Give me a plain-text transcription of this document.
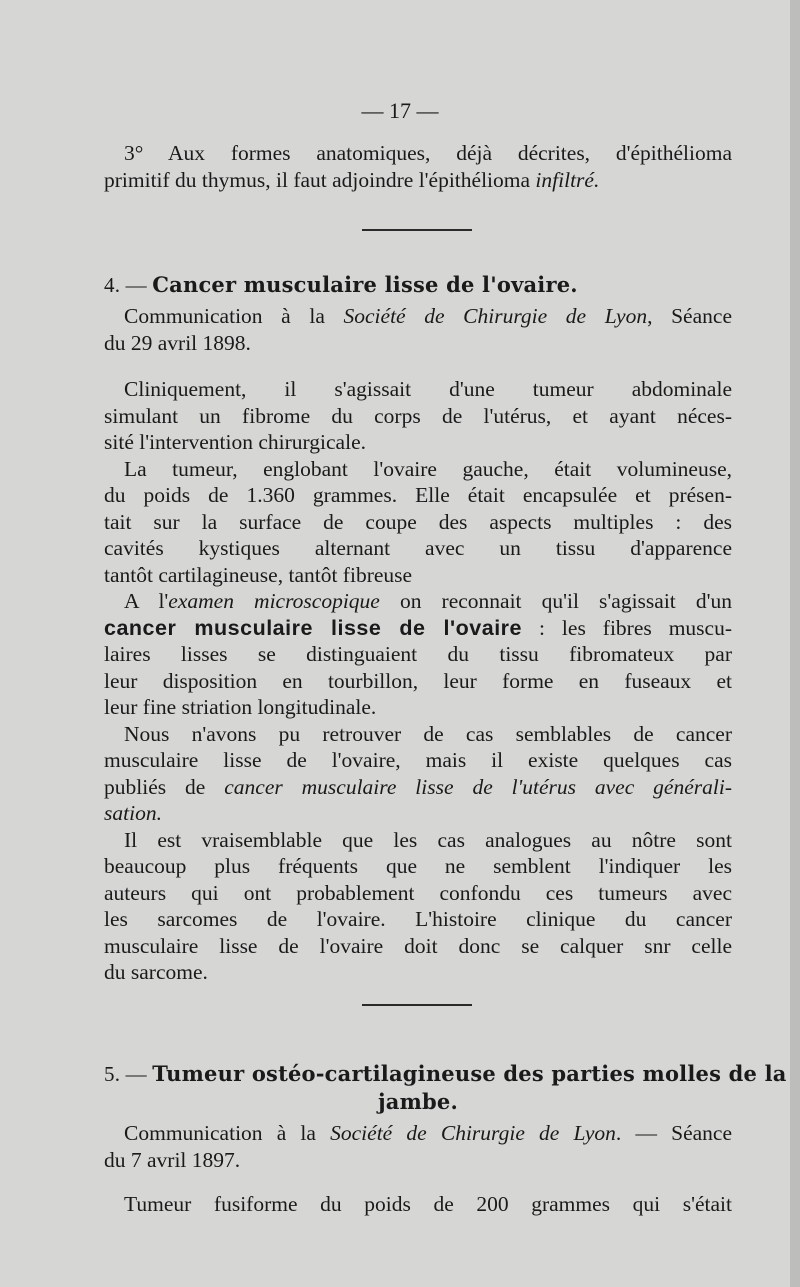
— 17 —
3° Aux formes anatomiques, déjà décrites, d'épithélioma
primitif du thymus, il faut adjoindre l'épithélioma infiltré.
4. — Cancer musculaire lisse de l'ovaire.
Communication à la Société de Chirurgie de Lyon, Séance
du 29 avril 1898.
Cliniquement, il s'agissait d'une tumeur abdominale
simulant un fibrome du corps de l'utérus, et ayant néces-
sité l'intervention chirurgicale.
La tumeur, englobant l'ovaire gauche, était volumineuse,
du poids de 1.360 grammes. Elle était encapsulée et présen-
tait sur la surface de coupe des aspects multiples : des
cavités kystiques alternant avec un tissu d'apparence
tantôt cartilagineuse, tantôt fibreuse
A l'examen microscopique on reconnait qu'il s'agissait d'un
cancer musculaire lisse de l'ovaire : les fibres muscu-
laires lisses se distinguaient du tissu fibromateux par
leur disposition en tourbillon, leur forme en fuseaux et
leur fine striation longitudinale.
Nous n'avons pu retrouver de cas semblables de cancer
musculaire lisse de l'ovaire, mais il existe quelques cas
publiés de cancer musculaire lisse de l'utérus avec générali-
sation.
Il est vraisemblable que les cas analogues au nôtre sont
beaucoup plus fréquents que ne semblent l'indiquer les
auteurs qui ont probablement confondu ces tumeurs avec
les sarcomes de l'ovaire. L'histoire clinique du cancer
musculaire lisse de l'ovaire doit donc se calquer snr celle
du sarcome.
5. — Tumeur ostéo-cartilagineuse des parties molles de la
jambe.
Communication à la Société de Chirurgie de Lyon. — Séance
du 7 avril 1897.
Tumeur fusiforme du poids de 200 grammes qui s'était
